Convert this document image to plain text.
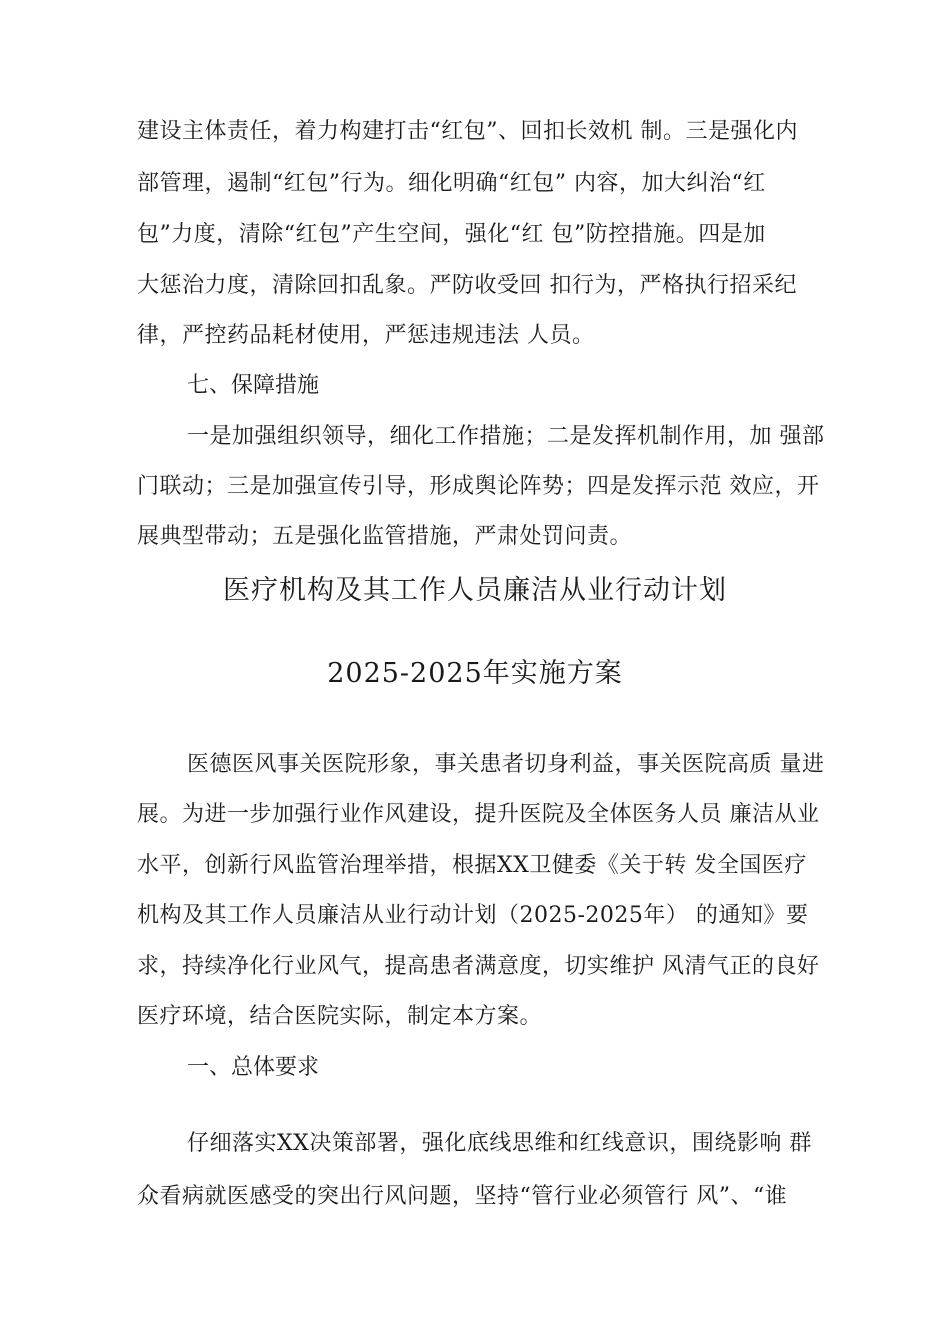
建设主体责任，着力构建打击“红包”、回扣长效机 制。三是强化内
部管理，遏制“红包”行为。细化明确“红包” 内容，加大纠治“红
包”力度，清除“红包”产生空间，强化“红 包”防控措施。四是加
大惩治力度，清除回扣乱象。严防收受回 扣行为，严格执行招采纪
律，严控药品耗材使用，严惩违规违法 人员。
七、保障措施
一是加强组织领导，细化工作措施；二是发挥机制作用，加 强部
门联动；三是加强宣传引导，形成舆论阵势；四是发挥示范 效应，开
展典型带动；五是强化监管措施，严肃处罚问责。
医疗机构及其工作人员廉洁从业行动计划
2025-2025年实施方案
医德医风事关医院形象，事关患者切身利益，事关医院高质 量进
展。为进一步加强行业作风建设，提升医院及全体医务人员 廉洁从业
水平，创新行风监管治理举措，根据XX卫健委《关于转 发全国医疗
机构及其工作人员廉洁从业行动计划（2025-2025年） 的通知》要
求，持续净化行业风气，提高患者满意度，切实维护 风清气正的良好
医疗环境，结合医院实际，制定本方案。
一、总体要求
仔细落实XX决策部署，强化底线思维和红线意识，围绕影响 群
众看病就医感受的突出行风问题，坚持“管行业必须管行 风”、“谁
